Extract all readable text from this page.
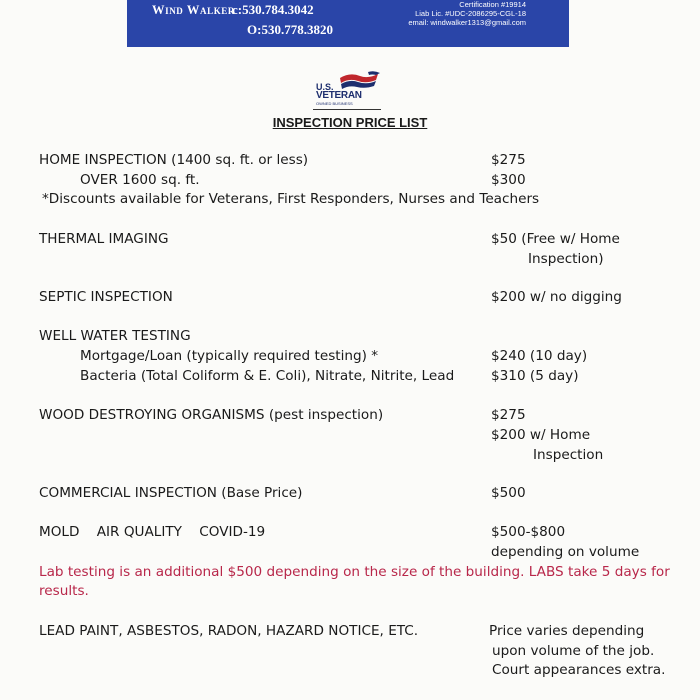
Wind Walker
c:530.784.3042
O:530.778.3820
Certification #19914
Liab Lic. #UDC-2086295-CGL-18
email: windwalker1313@gmail.com
U.S.
VETERAN
OWNED BUSINESS
INSPECTION PRICE LIST
HOME INSPECTION (1400 sq. ft. or less)	$275
OVER 1600 sq. ft.	$300
*Discounts available for Veterans, First Responders, Nurses and Teachers
THERMAL IMAGING	$50 (Free w/ Home
Inspection)
SEPTIC INSPECTION	$200 w/ no digging
WELL WATER TESTING
Mortgage/Loan (typically required testing) *	$240 (10 day)
Bacteria (Total Coliform & E. Coli), Nitrate, Nitrite, Lead	$310 (5 day)
WOOD DESTROYING ORGANISMS (pest inspection)	$275
$200 w/ Home
Inspection
COMMERCIAL INSPECTION (Base Price)	$500
MOLD    AIR QUALITY    COVID-19	$500-$800
depending on volume
Lab testing is an additional $500 depending on the size of the building. LABS take 5 days for
results.
LEAD PAINT, ASBESTOS, RADON, HAZARD NOTICE, ETC.	Price varies depending
upon volume of the job.
Court appearances extra.
